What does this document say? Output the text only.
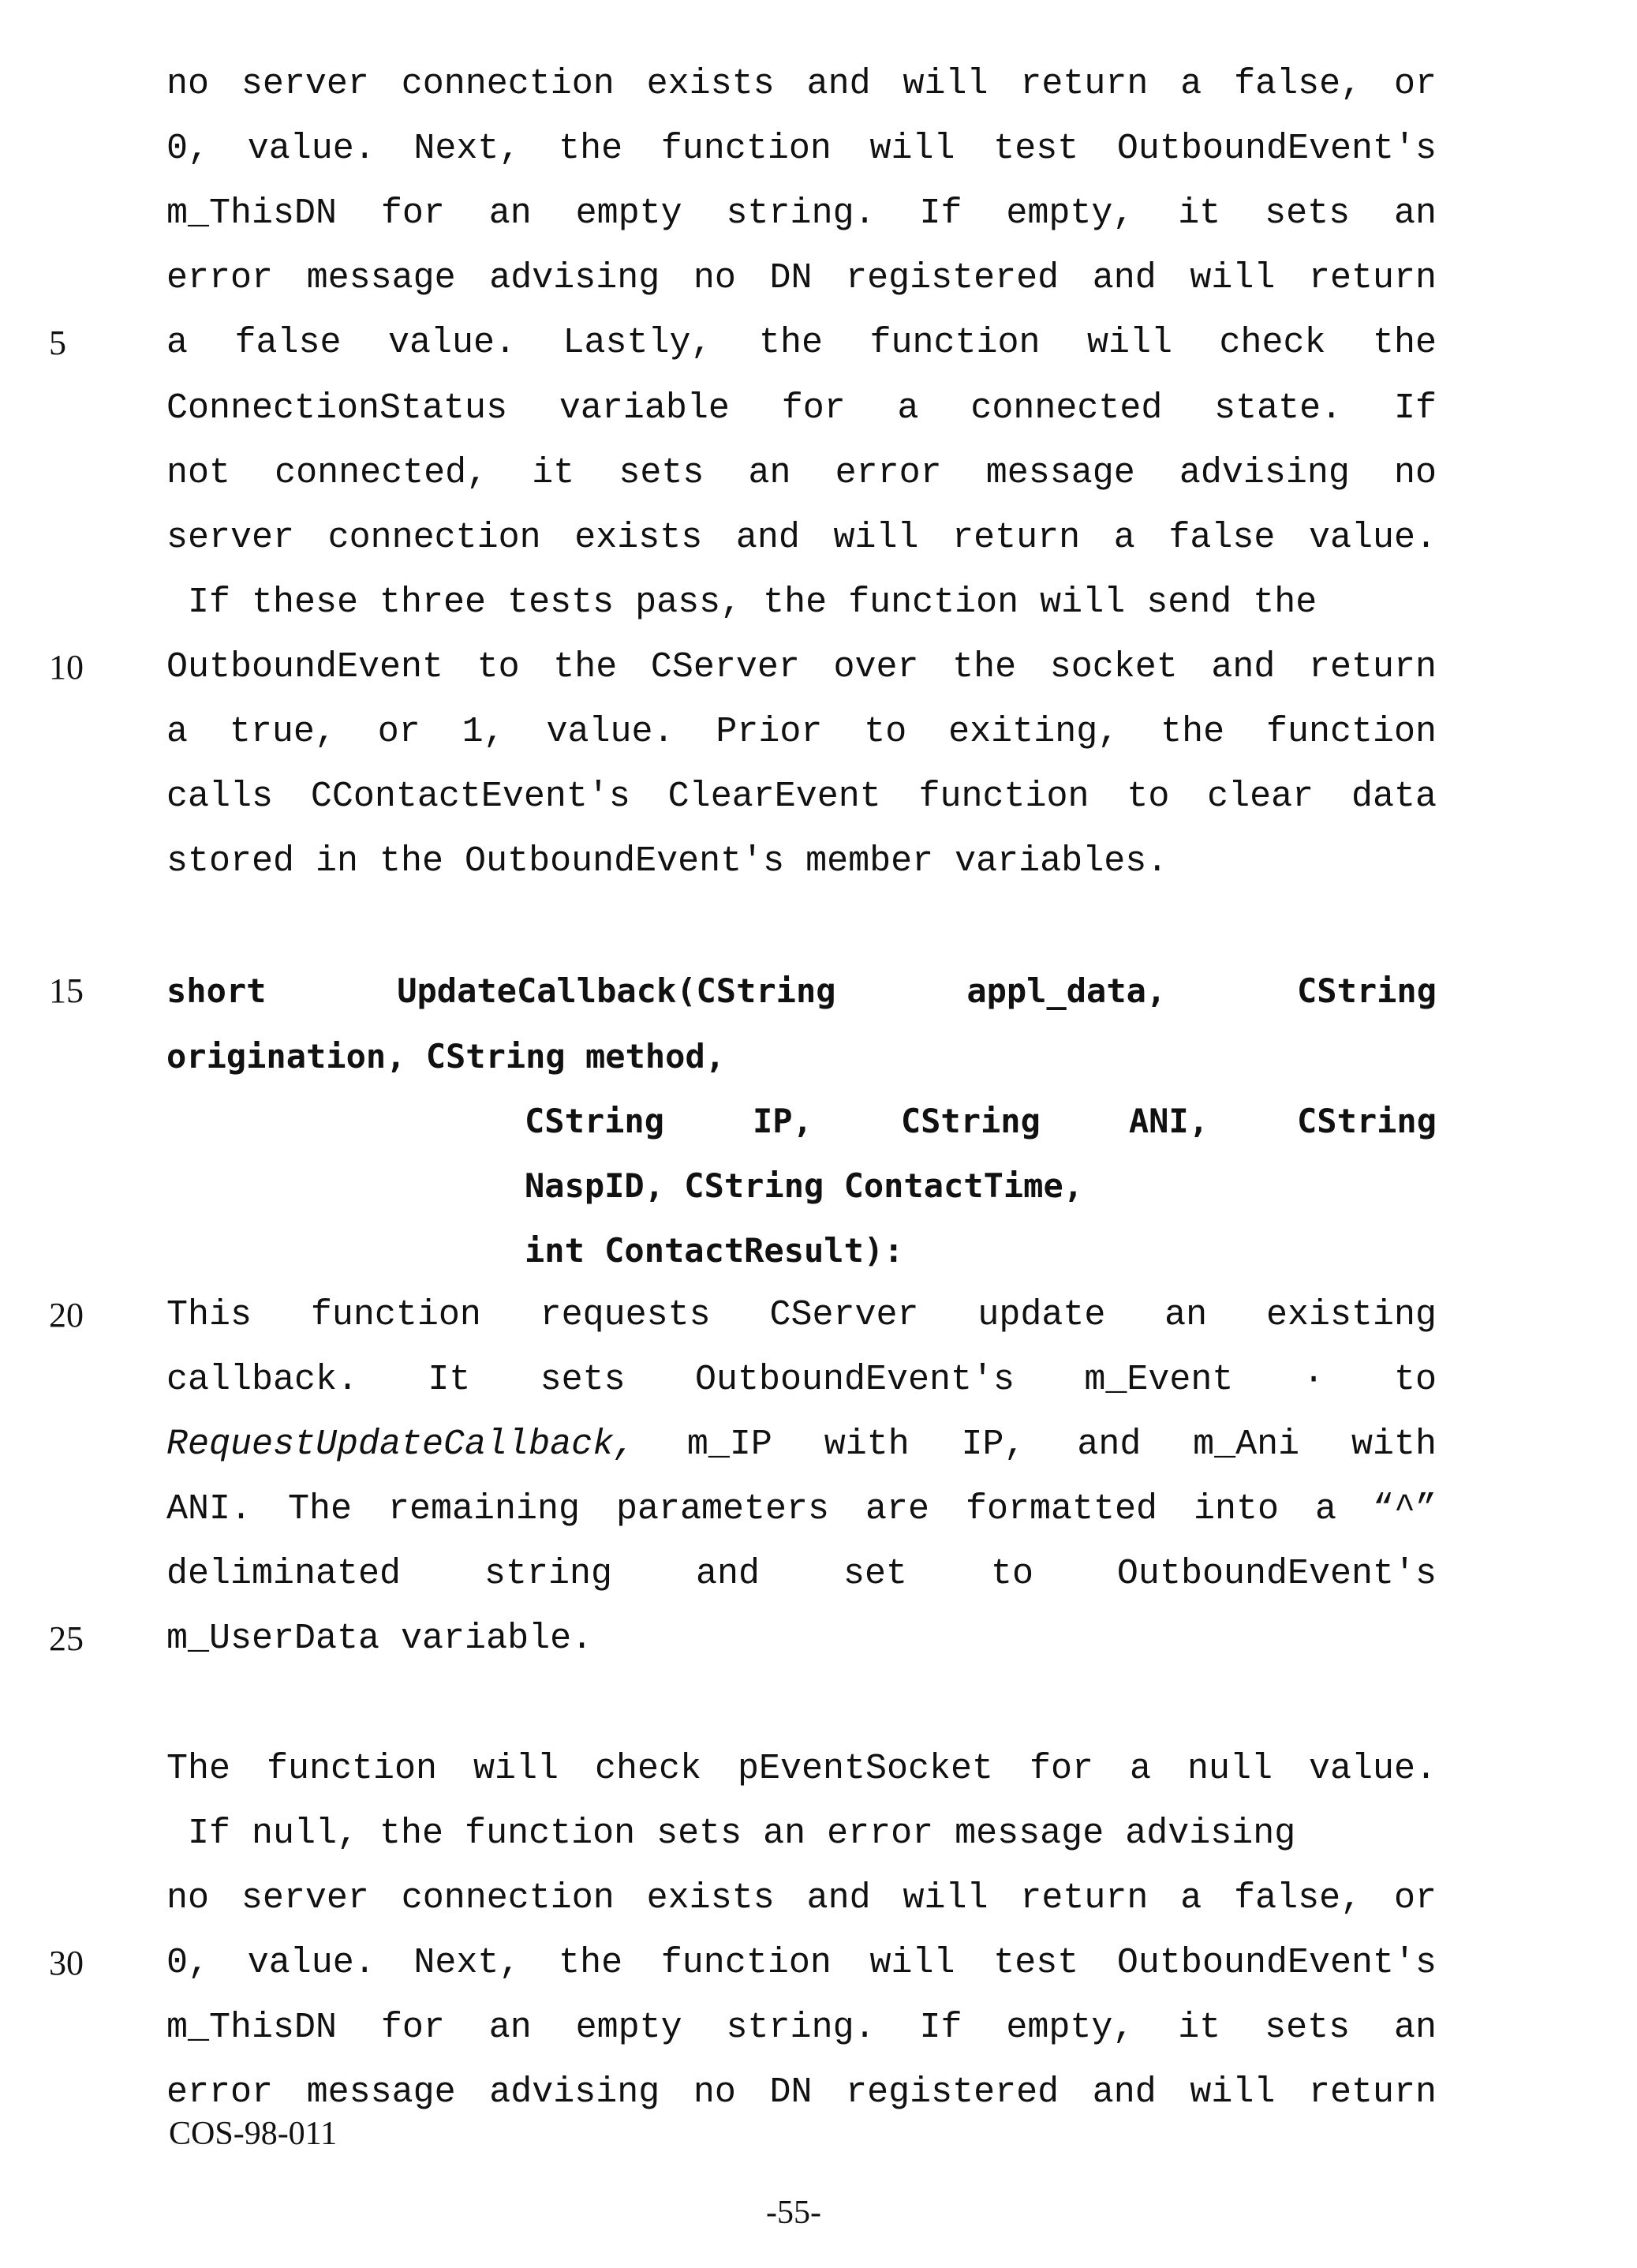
no server connection exists and will return a false, or
0, value. Next, the function will test OutboundEvent's
m_ThisDN for an empty string. If empty, it sets an
error message advising no DN registered and will return
5	a false value. Lastly, the function will check the
ConnectionStatus variable for a connected state. If
not connected, it sets an error message advising no
server connection exists and will return a false value.
If these three tests pass, the function will send the
10	OutboundEvent to the CServer over the socket and return
a true, or 1, value. Prior to exiting, the function
calls CContactEvent's ClearEvent function to clear data
stored in the OutboundEvent's member variables.
15	short UpdateCallback(CString appl_data, CString
origination, CString method,
CString IP, CString ANI, CString
NaspID, CString ContactTime,
int ContactResult):
20	This function requests CServer update an existing
callback. It sets OutboundEvent's m_Event · to
RequestUpdateCallback, m_IP with IP, and m_Ani with
ANI. The remaining parameters are formatted into a “^”
deliminated string and set to OutboundEvent's
25	m_UserData variable.
The function will check pEventSocket for a null value.
If null, the function sets an error message advising
no server connection exists and will return a false, or
30	0, value. Next, the function will test OutboundEvent's
m_ThisDN for an empty string. If empty, it sets an
error message advising no DN registered and will return
COS-98-011
-55-
